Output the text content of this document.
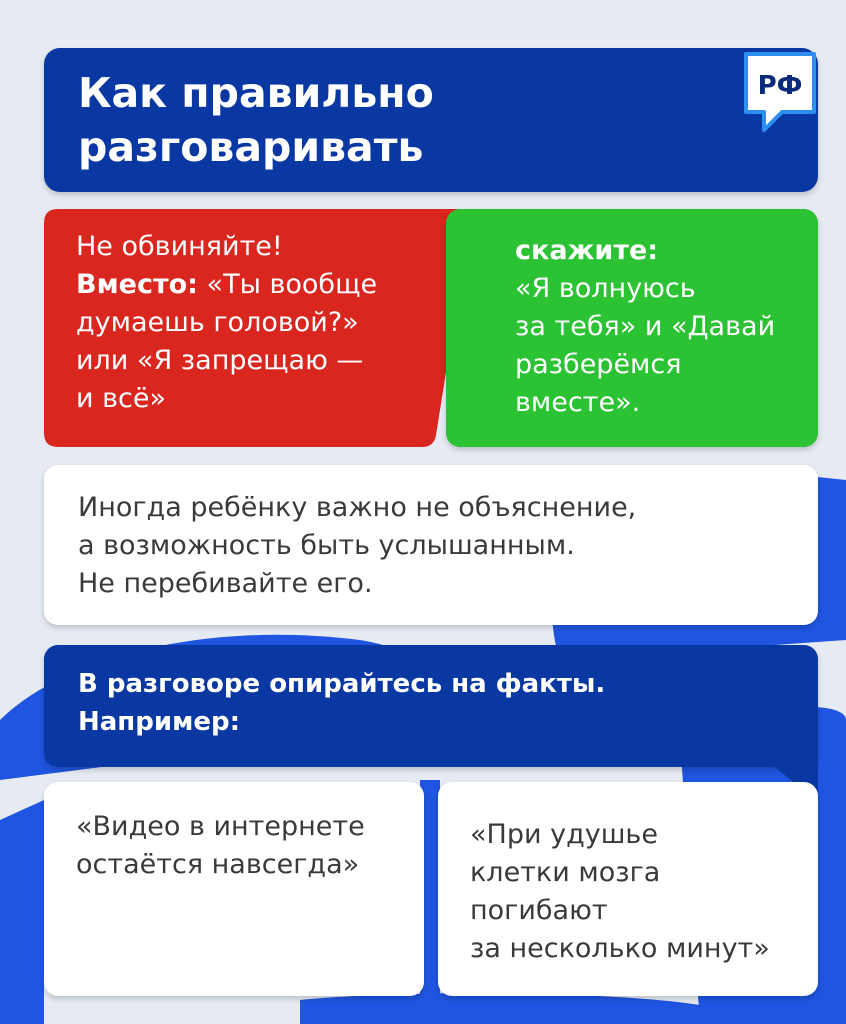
Как правильно
разговаривать
РФ
Не обвиняйте!
Вместо: «Ты вообще
думаешь головой?»
или «Я запрещаю —
и всё»
скажите:
«Я волнуюсь
за тебя» и «Давай
разберёмся
вместе».
Иногда ребёнку важно не объяснение,
а возможность быть услышанным.
Не перебивайте его.
В разговоре опирайтесь на факты.
Например:
«Видео в интернете
остаётся навсегда»
«При удушье
клетки мозга
погибают
за несколько минут»
